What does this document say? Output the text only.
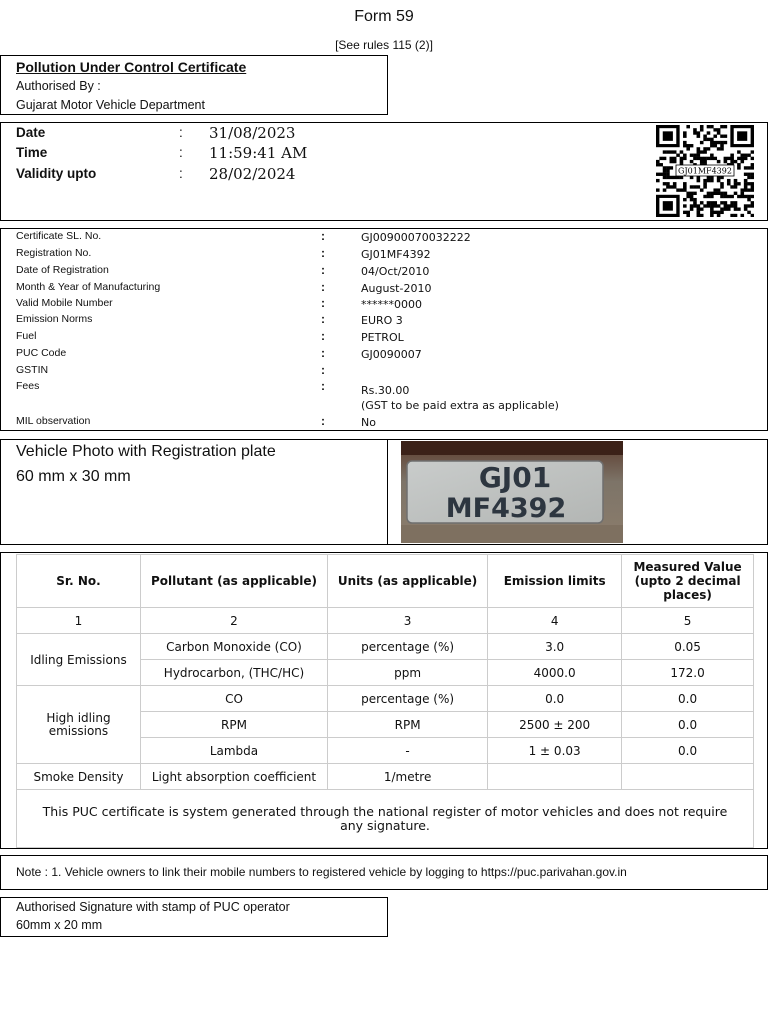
Form 59
[See rules 115 (2)]
Pollution Under Control Certificate
Authorised By :
Gujarat Motor Vehicle Department
Date	: 31/08/2023
Time	: 11:59:41 AM
Validity upto	: 28/02/2024	GJ01MF4392
Certificate SL. No.	:	GJ00900070032222
Registration No.	:	GJ01MF4392
Date of Registration	:	04/Oct/2010
Month & Year of Manufacturing	:	August-2010
Valid Mobile Number	:	******0000
Emission Norms	:	EURO 3
Fuel	:	PETROL
PUC Code	:	GJ0090007
GSTIN	:
Fees	:	Rs.30.00
(GST to be paid extra as applicable)
MIL observation	:	No
Vehicle Photo with Registration plate
60 mm x 30 mm	GJ01
MF4392
Sr. No.	Pollutant (as applicable)	Units (as applicable)	Emission limits	Measured Value (upto 2 decimal places)
1	2	3	4	5
Idling Emissions	Carbon Monoxide (CO)	percentage (%)	3.0	0.05
	Hydrocarbon, (THC/HC)	ppm	4000.0	172.0
High idling emissions	CO	percentage (%)	0.0	0.0
	RPM	RPM	2500 ± 200	0.0
	Lambda	-	1 ± 0.03	0.0
Smoke Density	Light absorption coefficient	1/metre		
This PUC certificate is system generated through the national register of motor vehicles and does not require any signature.				
Note : 1. Vehicle owners to link their mobile numbers to registered vehicle by logging to https://puc.parivahan.gov.in
Authorised Signature with stamp of PUC operator
60mm x 20 mm
